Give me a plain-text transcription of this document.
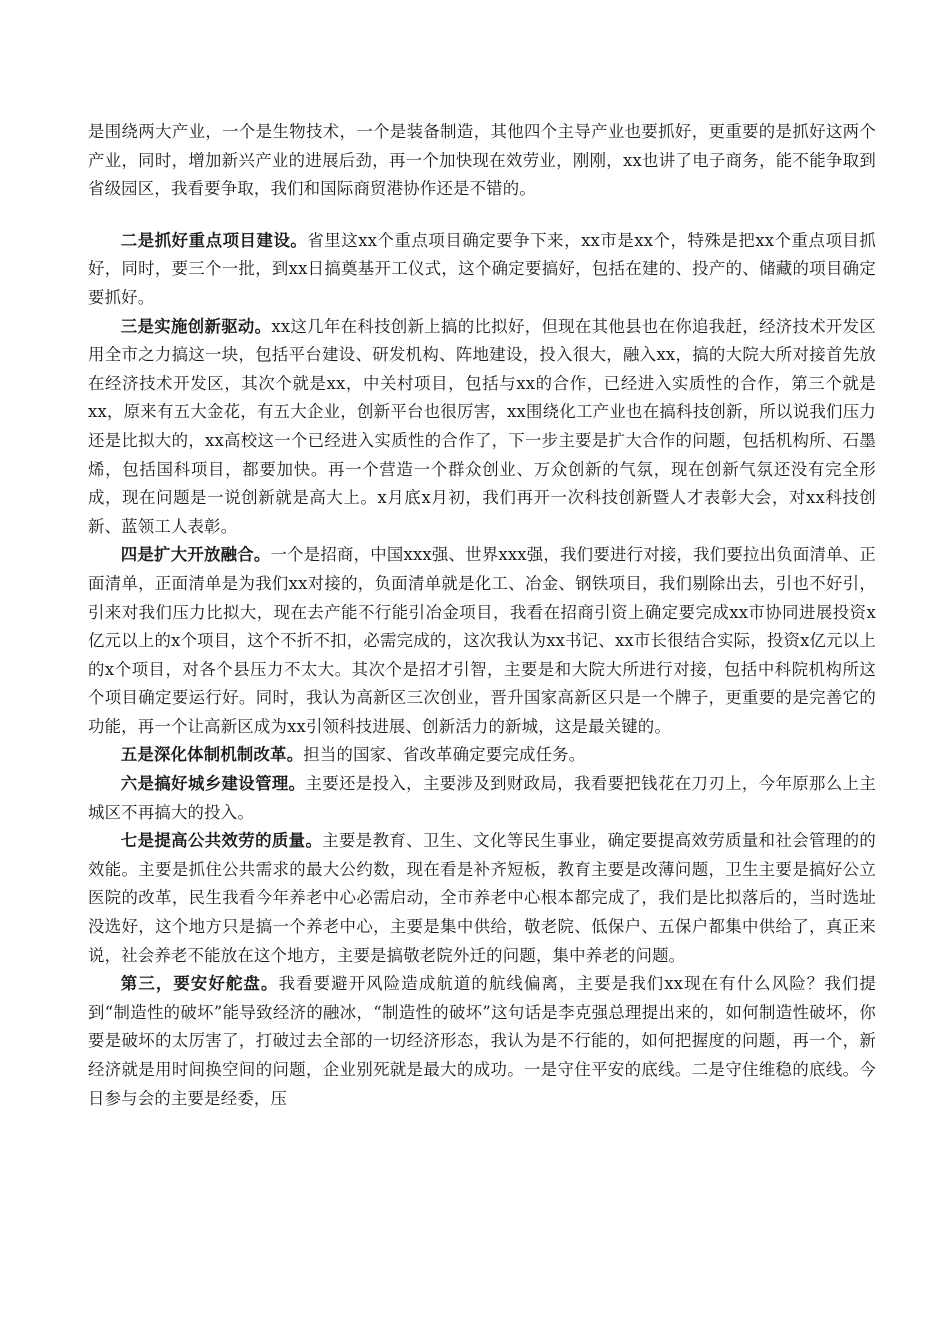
是围绕两大产业，一个是生物技术，一个是装备制造，其他四个主导产业也要抓好，更重要的是抓好这两个产业，同时，增加新兴产业的进展后劲，再一个加快现在效劳业，刚刚，xx也讲了电子商务，能不能争取到省级园区，我看要争取，我们和国际商贸港协作还是不错的。

二是抓好重点项目建设。省里这xx个重点项目确定要争下来，xx市是xx个，特殊是把xx个重点项目抓好，同时，要三个一批，到xx日搞奠基开工仪式，这个确定要搞好，包括在建的、投产的、储藏的项目确定要抓好。

三是实施创新驱动。xx这几年在科技创新上搞的比拟好，但现在其他县也在你追我赶，经济技术开发区用全市之力搞这一块，包括平台建设、研发机构、阵地建设，投入很大，融入xx，搞的大院大所对接首先放在经济技术开发区，其次个就是xx，中关村项目，包括与xx的合作，已经进入实质性的合作，第三个就是xx，原来有五大金花，有五大企业，创新平台也很厉害，xx围绕化工产业也在搞科技创新，所以说我们压力还是比拟大的，xx高校这一个已经进入实质性的合作了，下一步主要是扩大合作的问题，包括机构所、石墨烯，包括国科项目，都要加快。再一个营造一个群众创业、万众创新的气氛，现在创新气氛还没有完全形成，现在问题是一说创新就是高大上。x月底x月初，我们再开一次科技创新暨人才表彰大会，对xx科技创新、蓝领工人表彰。

四是扩大开放融合。一个是招商，中国xxx强、世界xxx强，我们要进行对接，我们要拉出负面清单、正面清单，正面清单是为我们xx对接的，负面清单就是化工、冶金、钢铁项目，我们剔除出去，引也不好引，引来对我们压力比拟大，现在去产能不行能引冶金项目，我看在招商引资上确定要完成xx市协同进展投资x亿元以上的x个项目，这个不折不扣，必需完成的，这次我认为xx书记、xx市长很结合实际，投资x亿元以上的x个项目，对各个县压力不太大。其次个是招才引智，主要是和大院大所进行对接，包括中科院机构所这个项目确定要运行好。同时，我认为高新区三次创业，晋升国家高新区只是一个牌子，更重要的是完善它的功能，再一个让高新区成为xx引领科技进展、创新活力的新城，这是最关键的。

五是深化体制机制改革。担当的国家、省改革确定要完成任务。

六是搞好城乡建设管理。主要还是投入，主要涉及到财政局，我看要把钱花在刀刃上，今年原那么上主城区不再搞大的投入。

七是提高公共效劳的质量。主要是教育、卫生、文化等民生事业，确定要提高效劳质量和社会管理的的效能。主要是抓住公共需求的最大公约数，现在看是补齐短板，教育主要是改薄问题，卫生主要是搞好公立医院的改革，民生我看今年养老中心必需启动，全市养老中心根本都完成了，我们是比拟落后的，当时选址没选好，这个地方只是搞一个养老中心，主要是集中供给，敬老院、低保户、五保户都集中供给了，真正来说，社会养老不能放在这个地方，主要是搞敬老院外迁的问题，集中养老的问题。

第三，要安好舵盘。我看要避开风险造成航道的航线偏离，主要是我们xx现在有什么风险？我们提到“制造性的破坏”能导致经济的融冰，“制造性的破坏”这句话是李克强总理提出来的，如何制造性破坏，你要是破坏的太厉害了，打破过去全部的一切经济形态，我认为是不行能的，如何把握度的问题，再一个，新经济就是用时间换空间的问题，企业别死就是最大的成功。一是守住平安的底线。二是守住维稳的底线。今日参与会的主要是经委，压
